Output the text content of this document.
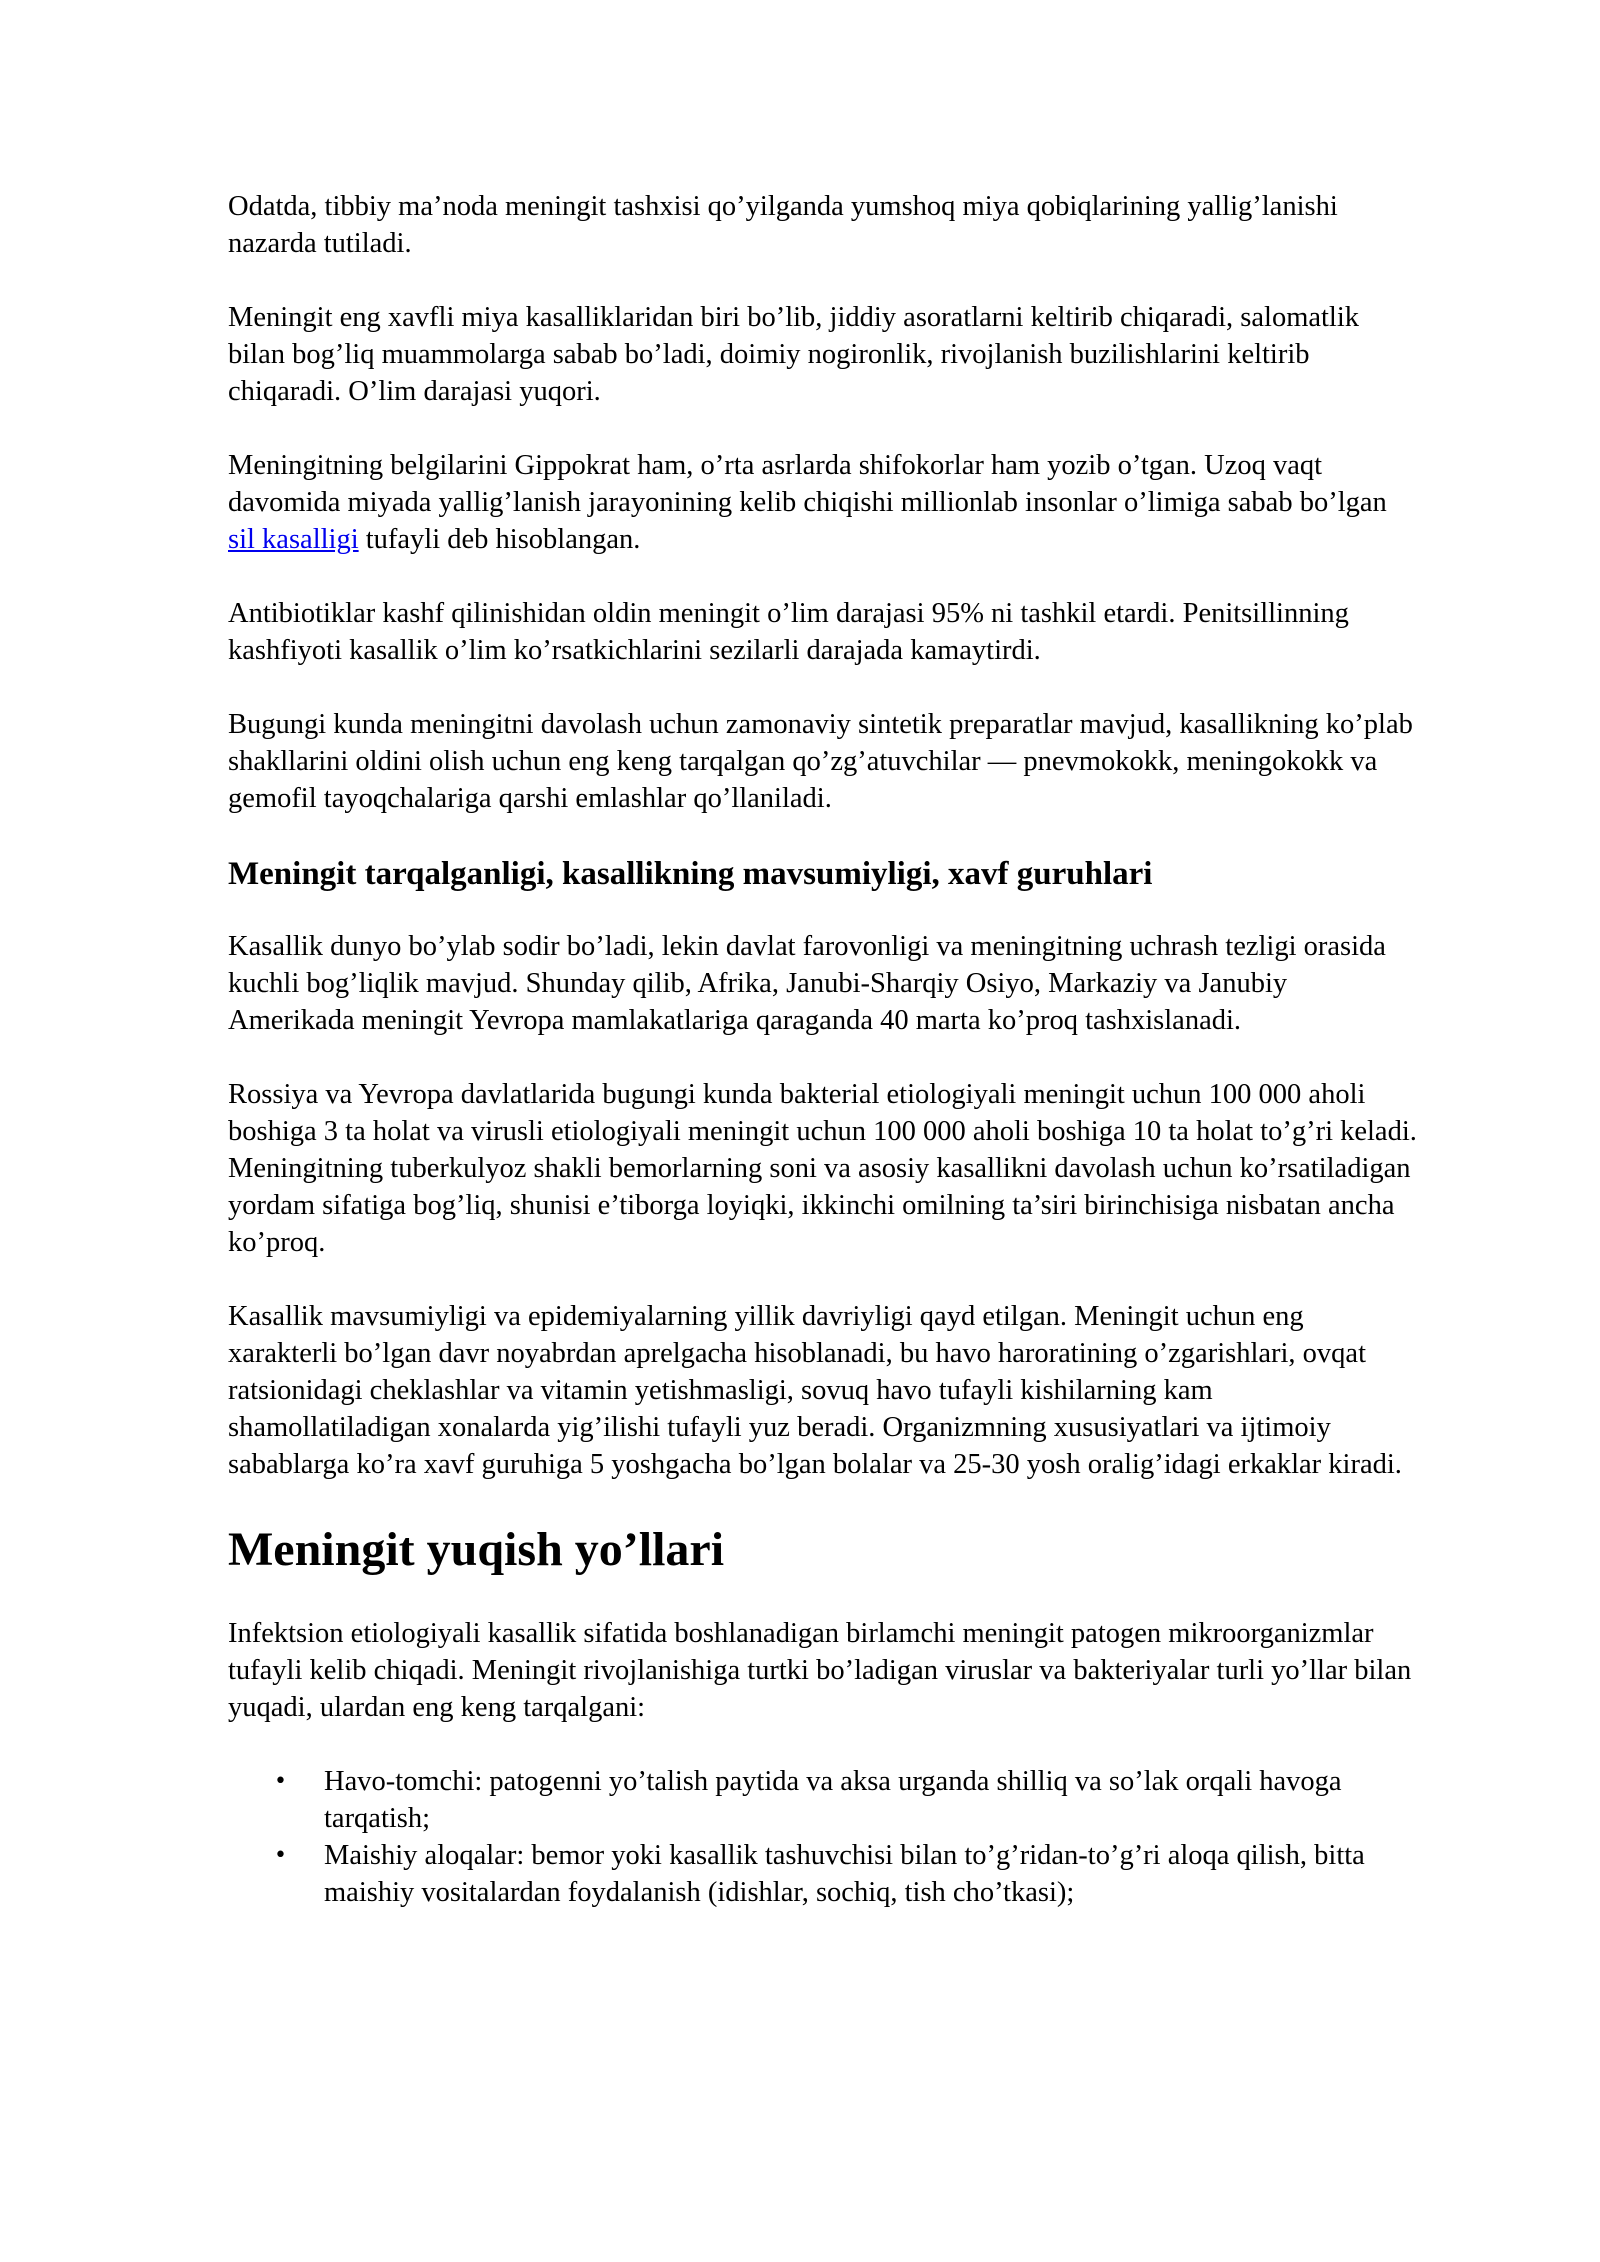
Odatda, tibbiy ma’noda meningit tashxisi qo’yilganda yumshoq miya qobiqlarining yallig’lanishi nazarda tutiladi.

Meningit eng xavfli miya kasalliklaridan biri bo’lib, jiddiy asoratlarni keltirib chiqaradi, salomatlik bilan bog’liq muammolarga sabab bo’ladi, doimiy nogironlik, rivojlanish buzilishlarini keltirib chiqaradi. O’lim darajasi yuqori.

Meningitning belgilarini Gippokrat ham, o’rta asrlarda shifokorlar ham yozib o’tgan. Uzoq vaqt davomida miyada yallig’lanish jarayonining kelib chiqishi millionlab insonlar o’limiga sabab bo’lgan sil kasalligi tufayli deb hisoblangan.

Antibiotiklar kashf qilinishidan oldin meningit o’lim darajasi 95% ni tashkil etardi. Penitsillinning kashfiyoti kasallik o’lim ko’rsatkichlarini sezilarli darajada kamaytirdi.

Bugungi kunda meningitni davolash uchun zamonaviy sintetik preparatlar mavjud, kasallikning ko’plab shakllarini oldini olish uchun eng keng tarqalgan qo’zg’atuvchilar — pnevmokokk, meningokokk va gemofil tayoqchalariga qarshi emlashlar qo’llaniladi.

Meningit tarqalganligi, kasallikning mavsumiyligi, xavf guruhlari

Kasallik dunyo bo’ylab sodir bo’ladi, lekin davlat farovonligi va meningitning uchrash tezligi orasida kuchli bog’liqlik mavjud. Shunday qilib, Afrika, Janubi-Sharqiy Osiyo, Markaziy va Janubiy Amerikada meningit Yevropa mamlakatlariga qaraganda 40 marta ko’proq tashxislanadi.

Rossiya va Yevropa davlatlarida bugungi kunda bakterial etiologiyali meningit uchun 100 000 aholi boshiga 3 ta holat va virusli etiologiyali meningit uchun 100 000 aholi boshiga 10 ta holat to’g’ri keladi. Meningitning tuberkulyoz shakli bemorlarning soni va asosiy kasallikni davolash uchun ko’rsatiladigan yordam sifatiga bog’liq, shunisi e’tiborga loyiqki, ikkinchi omilning ta’siri birinchisiga nisbatan ancha ko’proq.

Kasallik mavsumiyligi va epidemiyalarning yillik davriyligi qayd etilgan. Meningit uchun eng xarakterli bo’lgan davr noyabrdan aprelgacha hisoblanadi, bu havo haroratining o’zgarishlari, ovqat ratsionidagi cheklashlar va vitamin yetishmasligi, sovuq havo tufayli kishilarning kam shamollatiladigan xonalarda yig’ilishi tufayli yuz beradi. Organizmning xususiyatlari va ijtimoiy sabablarga ko’ra xavf guruhiga 5 yoshgacha bo’lgan bolalar va 25-30 yosh oralig’idagi erkaklar kiradi.

Meningit yuqish yo’llari

Infektsion etiologiyali kasallik sifatida boshlanadigan birlamchi meningit patogen mikroorganizmlar tufayli kelib chiqadi. Meningit rivojlanishiga turtki bo’ladigan viruslar va bakteriyalar turli yo’llar bilan yuqadi, ulardan eng keng tarqalgani:

• Havo-tomchi: patogenni yo’talish paytida va aksa urganda shilliq va so’lak orqali havoga tarqatish;
• Maishiy aloqalar: bemor yoki kasallik tashuvchisi bilan to’g’ridan-to’g’ri aloqa qilish, bitta maishiy vositalardan foydalanish (idishlar, sochiq, tish cho’tkasi);
